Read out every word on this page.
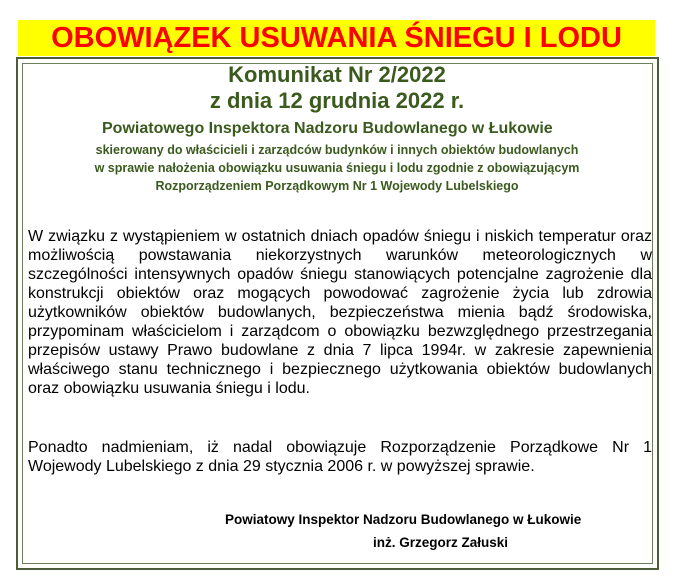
OBOWIĄZEK USUWANIA ŚNIEGU I LODU
Komunikat Nr 2/2022
z dnia 12 grudnia 2022 r.
Powiatowego Inspektora Nadzoru Budowlanego w Łukowie
skierowany do właścicieli i zarządców budynków i innych obiektów budowlanych
w sprawie nałożenia obowiązku usuwania śniegu i lodu zgodnie z obowiązującym
Rozporządzeniem Porządkowym Nr 1 Wojewody Lubelskiego

W związku z wystąpieniem w ostatnich dniach opadów śniegu i niskich temperatur oraz możliwością powstawania niekorzystnych warunków meteorologicznych w szczególności intensywnych opadów śniegu stanowiących potencjalne zagrożenie dla konstrukcji obiektów oraz mogących powodować zagrożenie życia lub zdrowia użytkowników obiektów budowlanych, bezpieczeństwa mienia bądź środowiska, przypominam właścicielom i zarządcom o obowiązku bezwzględnego przestrzegania przepisów ustawy Prawo budowlane z dnia 7 lipca 1994r. w zakresie zapewnienia właściwego stanu technicznego i bezpiecznego użytkowania obiektów budowlanych oraz obowiązku usuwania śniegu i lodu.

Ponadto nadmieniam, iż nadal obowiązuje Rozporządzenie Porządkowe Nr 1 Wojewody Lubelskiego z dnia 29 stycznia 2006 r. w powyższej sprawie.

Powiatowy Inspektor Nadzoru Budowlanego w Łukowie
inż. Grzegorz Załuski
